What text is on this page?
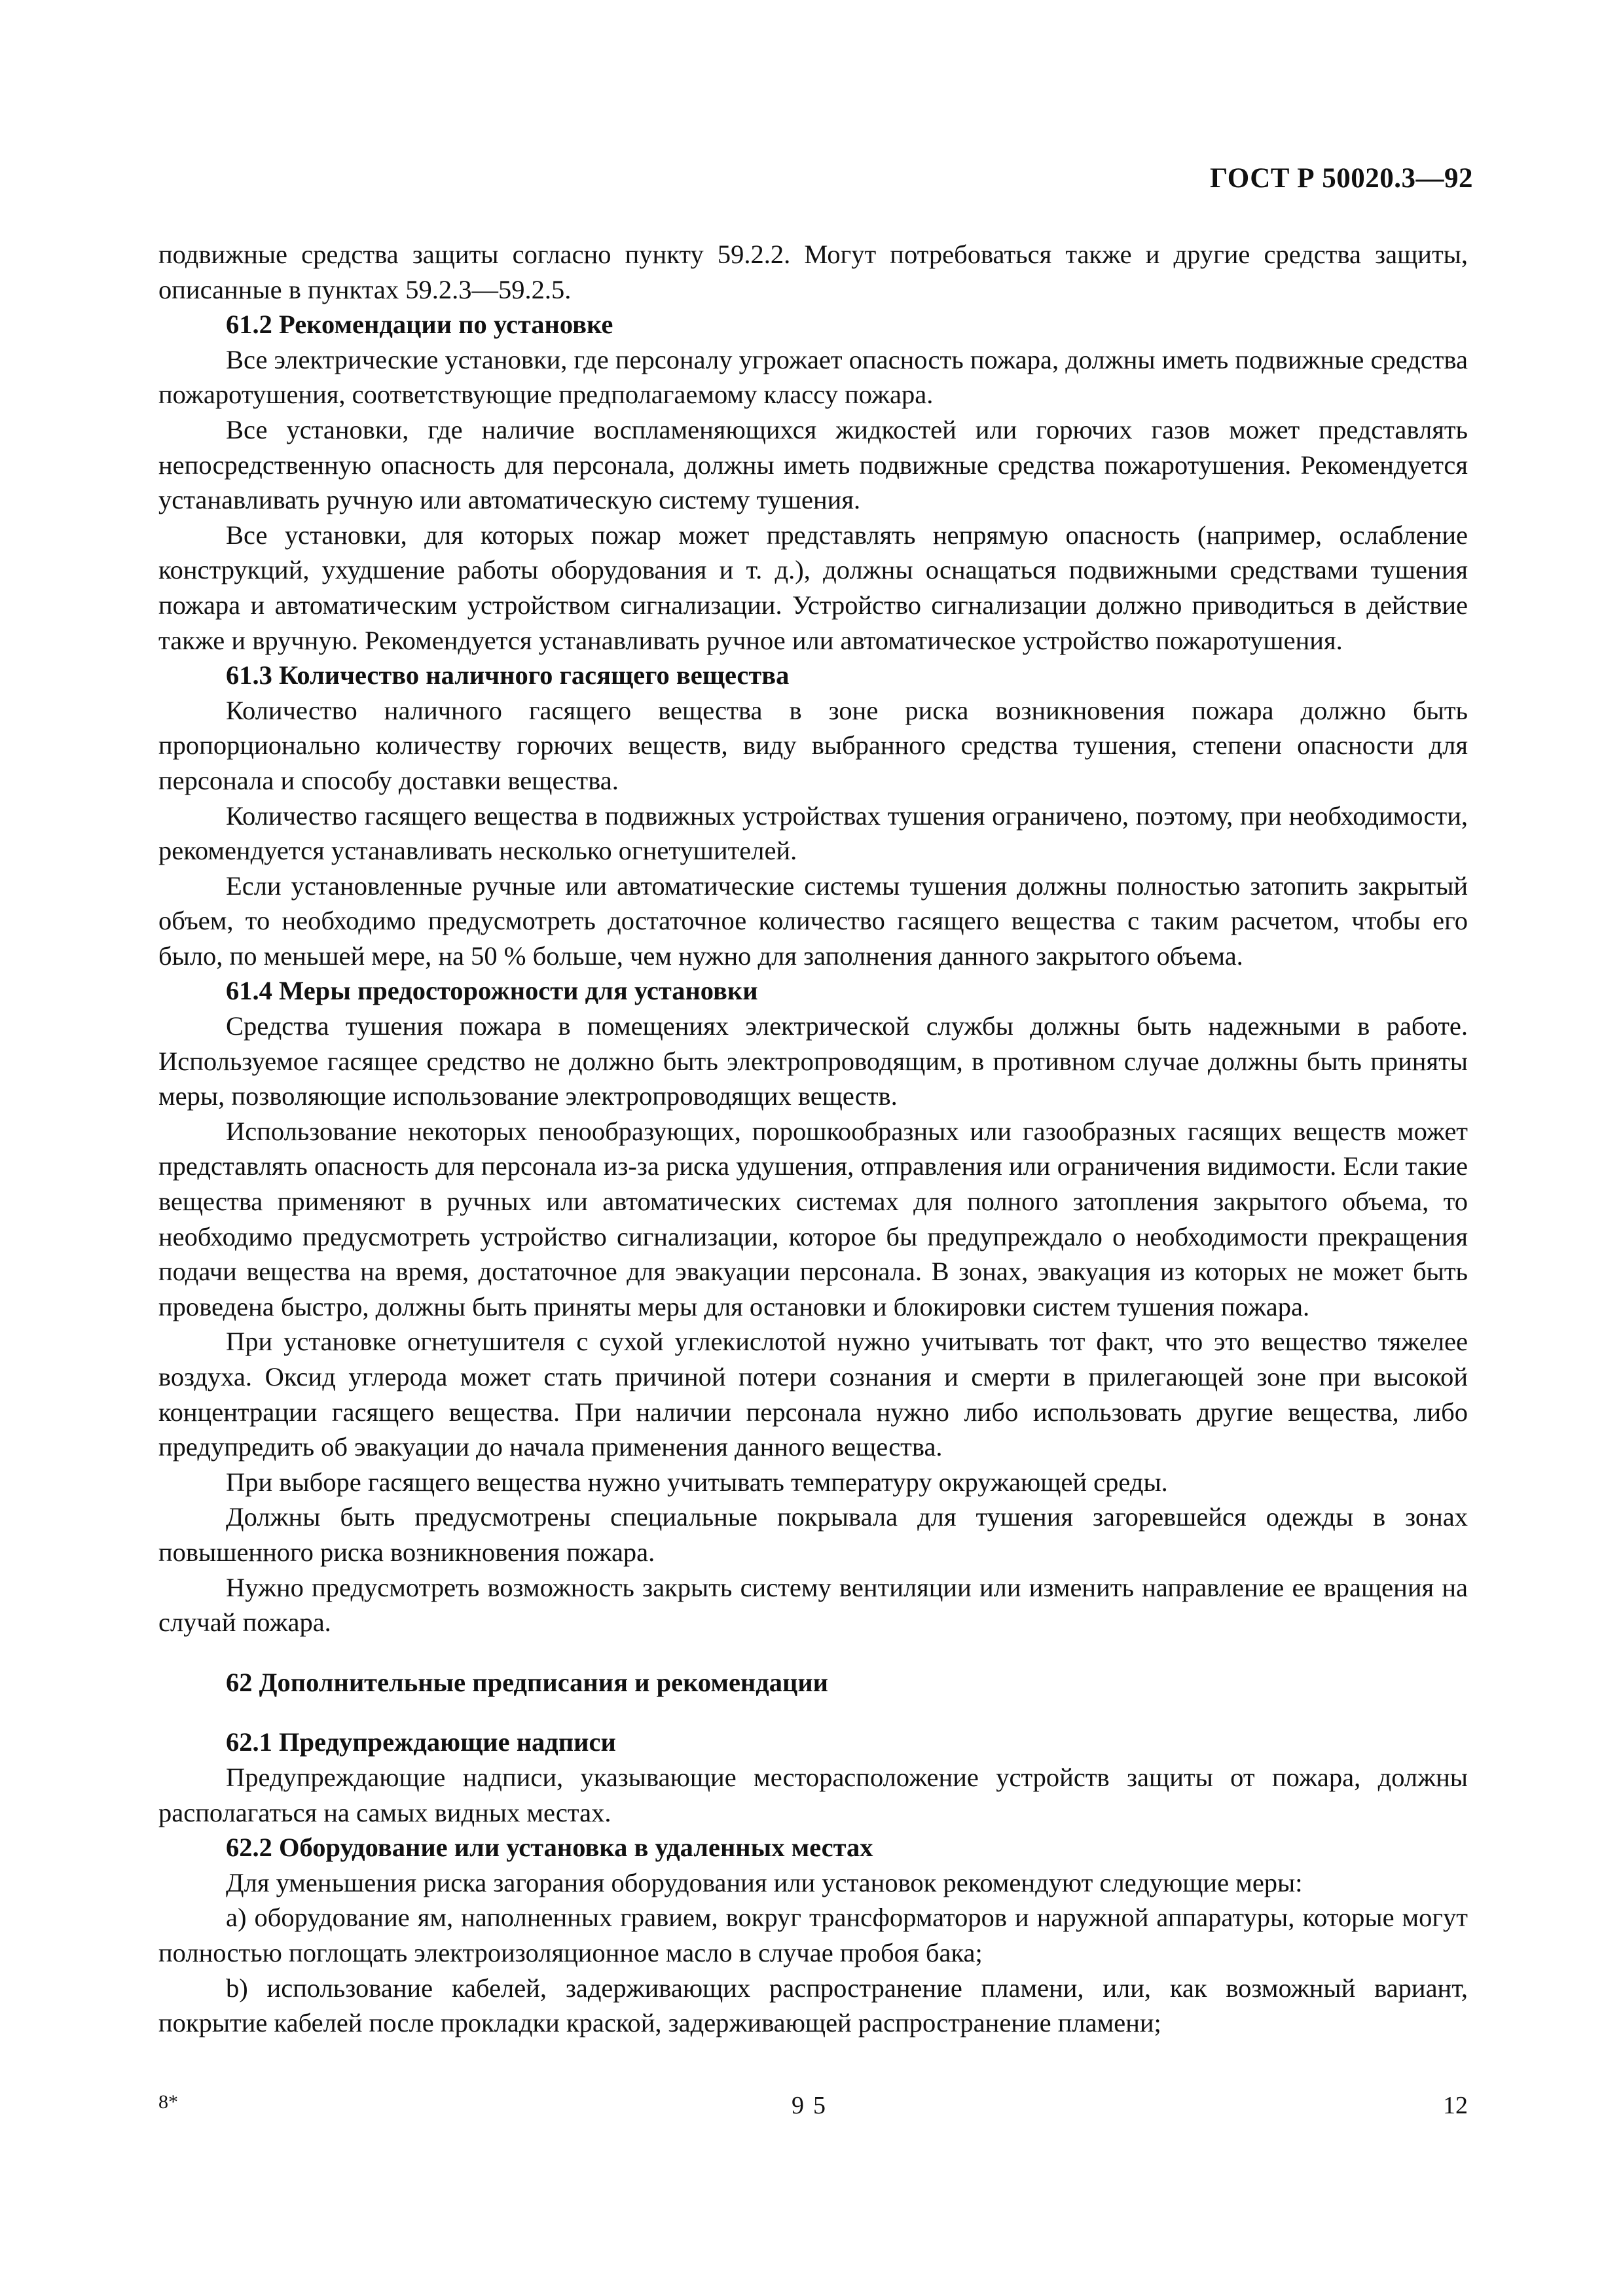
ГОСТ Р 50020.3—92

подвижные средства защиты согласно пункту 59.2.2. Могут потребоваться также и другие средства защиты, описанные в пунктах 59.2.3—59.2.5.

61.2 Рекомендации по установке

Все электрические установки, где персоналу угрожает опасность пожара, должны иметь подвижные средства пожаротушения, соответствующие предполагаемому классу пожара.

Все установки, где наличие воспламеняющихся жидкостей или горючих газов может представлять непосредственную опасность для персонала, должны иметь подвижные средства пожаротушения. Рекомендуется устанавливать ручную или автоматическую систему тушения.

Все установки, для которых пожар может представлять непрямую опасность (например, ослабление конструкций, ухудшение работы оборудования и т. д.), должны оснащаться подвижными средствами тушения пожара и автоматическим устройством сигнализации. Устройство сигнализации должно приводиться в действие также и вручную. Рекомендуется устанавливать ручное или автоматическое устройство пожаротушения.

61.3 Количество наличного гасящего вещества

Количество наличного гасящего вещества в зоне риска возникновения пожара должно быть пропорционально количеству горючих веществ, виду выбранного средства тушения, степени опасности для персонала и способу доставки вещества.

Количество гасящего вещества в подвижных устройствах тушения ограничено, поэтому, при необходимости, рекомендуется устанавливать несколько огнетушителей.

Если установленные ручные или автоматические системы тушения должны полностью затопить закрытый объем, то необходимо предусмотреть достаточное количество гасящего вещества с таким расчетом, чтобы его было, по меньшей мере, на 50 % больше, чем нужно для заполнения данного закрытого объема.

61.4 Меры предосторожности для установки

Средства тушения пожара в помещениях электрической службы должны быть надежными в работе. Используемое гасящее средство не должно быть электропроводящим, в противном случае должны быть приняты меры, позволяющие использование электропроводящих веществ.

Использование некоторых пенообразующих, порошкообразных или газообразных гасящих веществ может представлять опасность для персонала из-за риска удушения, отправления или ограничения видимости. Если такие вещества применяют в ручных или автоматических системах для полного затопления закрытого объема, то необходимо предусмотреть устройство сигнализации, которое бы предупреждало о необходимости прекращения подачи вещества на время, достаточное для эвакуации персонала. В зонах, эвакуация из которых не может быть проведена быстро, должны быть приняты меры для остановки и блокировки систем тушения пожара.

При установке огнетушителя с сухой углекислотой нужно учитывать тот факт, что это вещество тяжелее воздуха. Оксид углерода может стать причиной потери сознания и смерти в прилегающей зоне при высокой концентрации гасящего вещества. При наличии персонала нужно либо использовать другие вещества, либо предупредить об эвакуации до начала применения данного вещества.

При выборе гасящего вещества нужно учитывать температуру окружающей среды.

Должны быть предусмотрены специальные покрывала для тушения загоревшейся одежды в зонах повышенного риска возникновения пожара.

Нужно предусмотреть возможность закрыть систему вентиляции или изменить направление ее вращения на случай пожара.

62 Дополнительные предписания и рекомендации
62.1 Предупреждающие надписи

Предупреждающие надписи, указывающие месторасположение устройств защиты от пожара, должны располагаться на самых видных местах.

62.2 Оборудование или установка в удаленных местах

Для уменьшения риска загорания оборудования или установок рекомендуют следующие меры:

a) оборудование ям, наполненных гравием, вокруг трансформаторов и наружной аппаратуры, которые могут полностью поглощать электроизоляционное масло в случае пробоя бака;

b) использование кабелей, задерживающих распространение пламени, или, как возможный вариант, покрытие кабелей после прокладки краской, задерживающей распространение пламени;

8*	95	12
